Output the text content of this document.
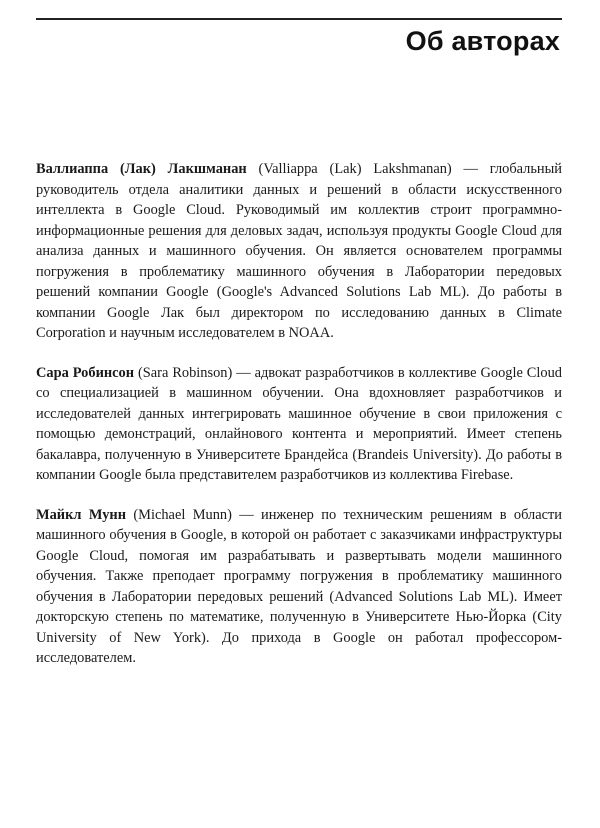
Об авторах

Валлиаппа (Лак) Лакшманан (Valliappa (Lak) Lakshmanan) — глобальный руководитель отдела аналитики данных и решений в области искусственного интеллекта в Google Cloud. Руководимый им коллектив строит программно-информационные решения для деловых задач, используя продукты Google Cloud для анализа данных и машинного обучения. Он является основателем программы погружения в проблематику машинного обучения в Лаборатории передовых решений компании Google (Google's Advanced Solutions Lab ML). До работы в компании Google Лак был директором по исследованию данных в Climate Corporation и научным исследователем в NOAA.

Сара Робинсон (Sara Robinson) — адвокат разработчиков в коллективе Google Cloud со специализацией в машинном обучении. Она вдохновляет разработчиков и исследователей данных интегрировать машинное обучение в свои приложения с помощью демонстраций, онлайнового контента и мероприятий. Имеет степень бакалавра, полученную в Университете Брандейса (Brandeis University). До работы в компании Google была представителем разработчиков из коллектива Firebase.

Майкл Мунн (Michael Munn) — инженер по техническим решениям в области машинного обучения в Google, в которой он работает с заказчиками инфраструктуры Google Cloud, помогая им разрабатывать и развертывать модели машинного обучения. Также преподает программу погружения в проблематику машинного обучения в Лаборатории передовых решений (Advanced Solutions Lab ML). Имеет докторскую степень по математике, полученную в Университете Нью-Йорка (City University of New York). До прихода в Google он работал профессором-исследователем.
